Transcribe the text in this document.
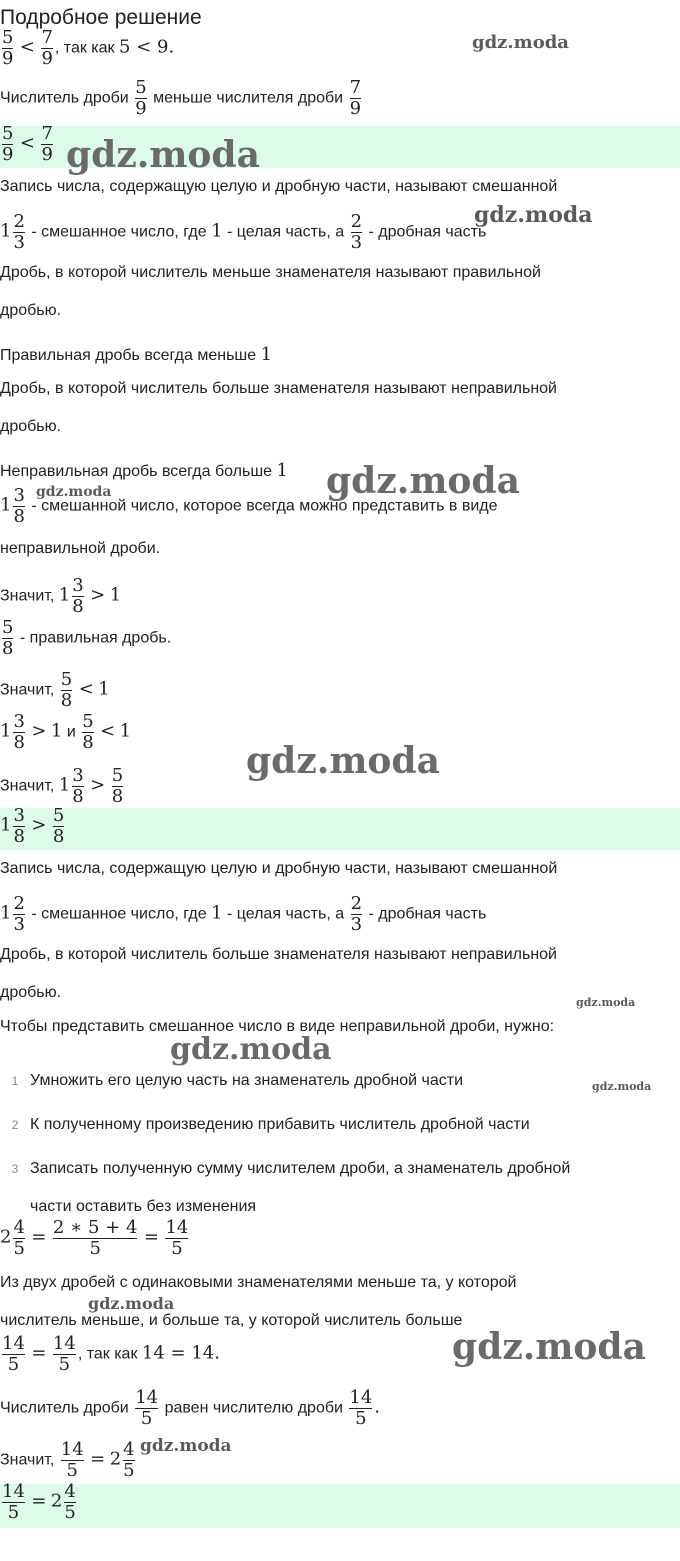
Подробное решение
$\frac{5}{9} < \frac{7}{9}$ , так как 5 < 9.
Числитель дроби $\frac{5}{9}$ меньше числителя дроби $\frac{7}{9}$
$\frac{5}{9} < \frac{7}{9}$
Запись числа, содержащую целую и дробную части, называют смешанной
$1 \frac{2}{3}$ - смешанное число, где 1 - целая часть, а $\frac{2}{3}$ - дробная часть
Дробь, в которой числитель меньше знаменателя называют правильной
дробью.
Правильная дробь всегда меньше 1
Дробь, в которой числитель больше знаменателя называют неправильной
дробью.
Неправильная дробь всегда больше 1
$1 \frac{3}{8}$ - смешанной число, которое всегда можно представить в виде
неправильной дроби.
Значит, $1 \frac{3}{8} > 1$
$\frac{5}{8}$ - правильная дробь.
Значит, $\frac{5}{8} < 1$
$1 \frac{3}{8} > 1$ и $\frac{5}{8} < 1$
Значит, $1 \frac{3}{8} > \frac{5}{8}$
$1 \frac{3}{8} > \frac{5}{8}$
Запись числа, содержащую целую и дробную части, называют смешанной
$1 \frac{2}{3}$ - смешанное число, где 1 - целая часть, а $\frac{2}{3}$ - дробная часть
Дробь, в которой числитель больше знаменателя называют неправильной
дробью.
Чтобы представить смешанное число в виде неправильной дроби, нужно:
1 Умножить его целую часть на знаменатель дробной части
2 К полученному произведению прибавить числитель дробной части
3 Записать полученную сумму числителем дроби, а знаменатель дробной
части оставить без изменения
$2 \frac{4}{5} = \frac{2 ∗ 5 + 4}{5} = \frac{14}{5}$
Из двух дробей с одинаковыми знаменателями меньше та, у которой
числитель меньше, и больше та, у которой числитель больше
$\frac{14}{5} = \frac{14}{5}$ , так как 14 = 14.
Числитель дроби $\frac{14}{5}$ равен числителю дроби $\frac{14}{5}$ .
Значит, $\frac{14}{5} = 2 \frac{4}{5}$
$\frac{14}{5} = 2 \frac{4}{5}$
gdz.moda
gdz.moda
gdz.moda
gdz.moda
gdz.moda
gdz.moda
gdz.moda
gdz.moda
gdz.moda
gdz.moda
gdz.moda
gdz.moda
